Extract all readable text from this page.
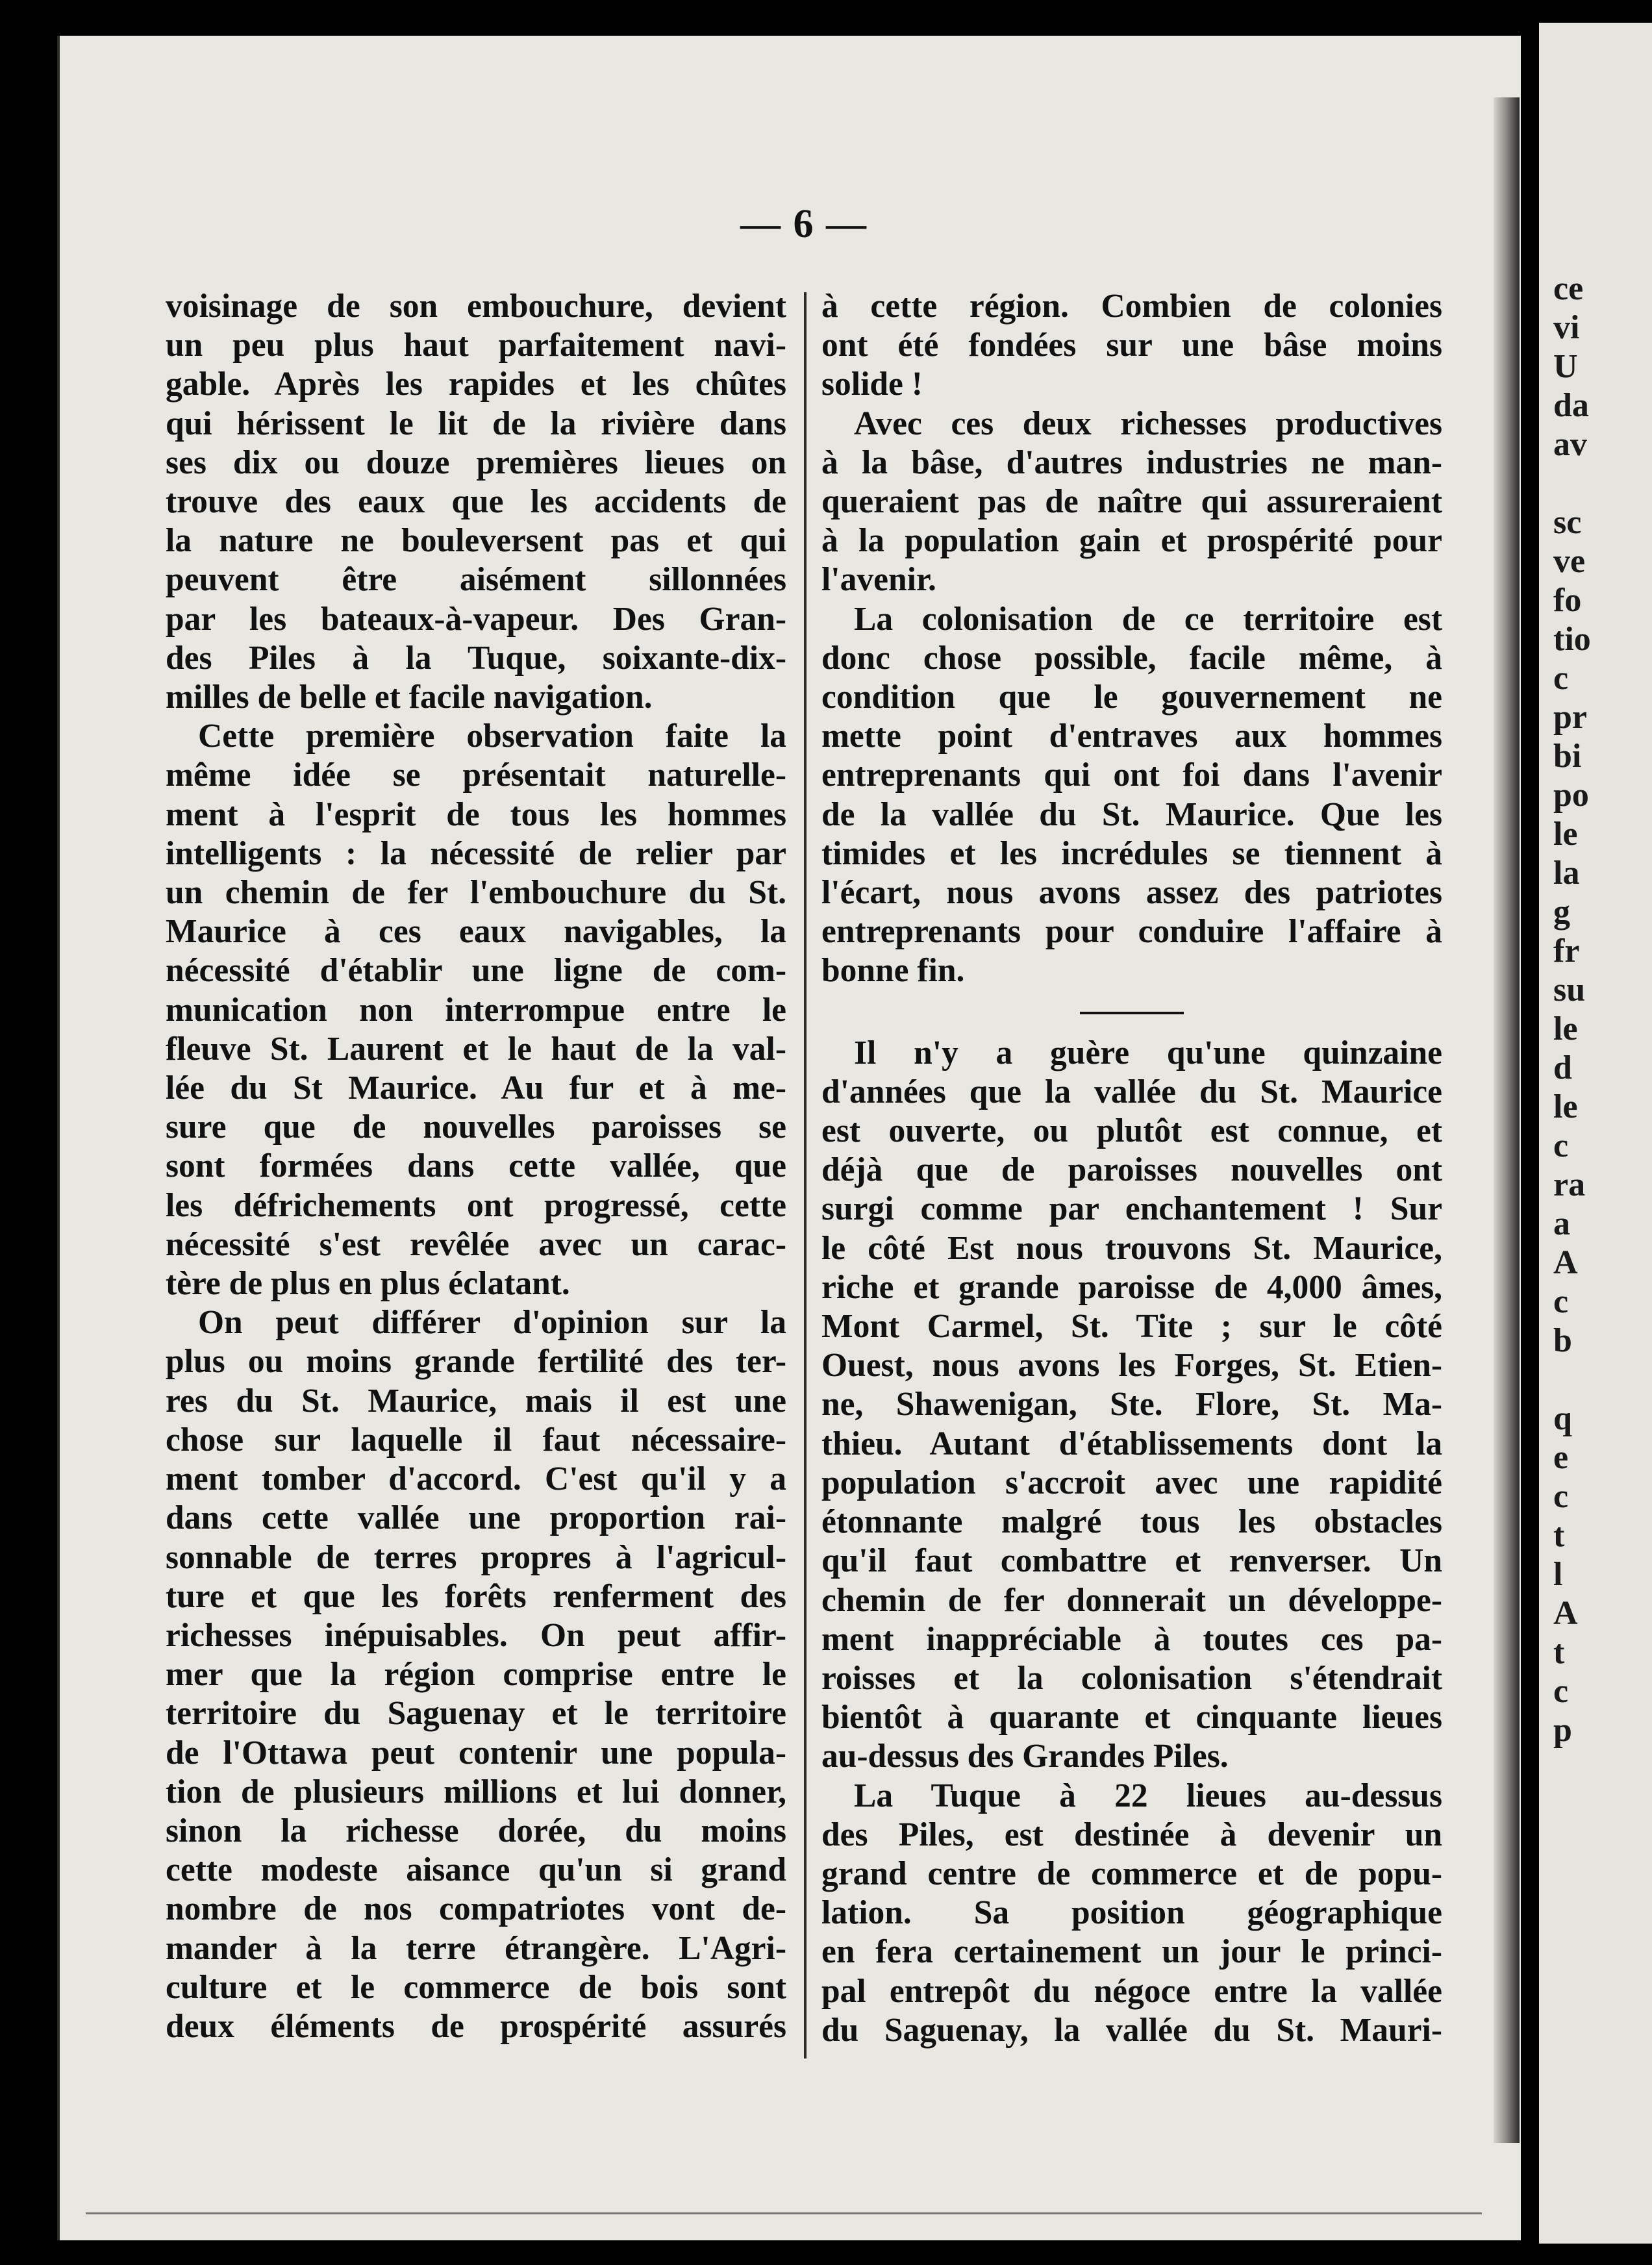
ce
vi
U
da
av
sc
ve
fo
tio
c
pr
bi
po
le
la
g
fr
su
le
d
le
c
ra
a
A
c
b
q
e
c
t
l
A
t
c
p
— 6 —
voisinage de son embouchure, devient
un peu plus haut parfaitement navi-
gable. Après les rapides et les chûtes
qui hérissent le lit de la rivière dans
ses dix ou douze premières lieues on
trouve des eaux que les accidents de
la nature ne bouleversent pas et qui
peuvent être aisément sillonnées
par les bateaux-à-vapeur. Des Gran-
des Piles à la Tuque, soixante-dix-
milles de belle et facile navigation.
Cette première observation faite la
même idée se présentait naturelle-
ment à l'esprit de tous les hommes
intelligents : la nécessité de relier par
un chemin de fer l'embouchure du St.
Maurice à ces eaux navigables, la
nécessité d'établir une ligne de com-
munication non interrompue entre le
fleuve St. Laurent et le haut de la val-
lée du St Maurice. Au fur et à me-
sure que de nouvelles paroisses se
sont formées dans cette vallée, que
les défrichements ont progressé, cette
nécessité s'est revêlée avec un carac-
tère de plus en plus éclatant.
On peut différer d'opinion sur la
plus ou moins grande fertilité des ter-
res du St. Maurice, mais il est une
chose sur laquelle il faut nécessaire-
ment tomber d'accord. C'est qu'il y a
dans cette vallée une proportion rai-
sonnable de terres propres à l'agricul-
ture et que les forêts renferment des
richesses inépuisables. On peut affir-
mer que la région comprise entre le
territoire du Saguenay et le territoire
de l'Ottawa peut contenir une popula-
tion de plusieurs millions et lui donner,
sinon la richesse dorée, du moins
cette modeste aisance qu'un si grand
nombre de nos compatriotes vont de-
mander à la terre étrangère. L'Agri-
culture et le commerce de bois sont
deux éléments de prospérité assurés
à cette région. Combien de colonies
ont été fondées sur une bâse moins
solide !
Avec ces deux richesses productives
à la bâse, d'autres industries ne man-
queraient pas de naître qui assureraient
à la population gain et prospérité pour
l'avenir.
La colonisation de ce territoire est
donc chose possible, facile même, à
condition que le gouvernement ne
mette point d'entraves aux hommes
entreprenants qui ont foi dans l'avenir
de la vallée du St. Maurice. Que les
timides et les incrédules se tiennent à
l'écart, nous avons assez des patriotes
entreprenants pour conduire l'affaire à
bonne fin.
Il n'y a guère qu'une quinzaine
d'années que la vallée du St. Maurice
est ouverte, ou plutôt est connue, et
déjà que de paroisses nouvelles ont
surgi comme par enchantement ! Sur
le côté Est nous trouvons St. Maurice,
riche et grande paroisse de 4,000 âmes,
Mont Carmel, St. Tite ; sur le côté
Ouest, nous avons les Forges, St. Etien-
ne, Shawenigan, Ste. Flore, St. Ma-
thieu. Autant d'établissements dont la
population s'accroit avec une rapidité
étonnante malgré tous les obstacles
qu'il faut combattre et renverser. Un
chemin de fer donnerait un développe-
ment inappréciable à toutes ces pa-
roisses et la colonisation s'étendrait
bientôt à quarante et cinquante lieues
au-dessus des Grandes Piles.
La Tuque à 22 lieues au-dessus
des Piles, est destinée à devenir un
grand centre de commerce et de popu-
lation. Sa position géographique
en fera certainement un jour le princi-
pal entrepôt du négoce entre la vallée
du Saguenay, la vallée du St. Mauri-
